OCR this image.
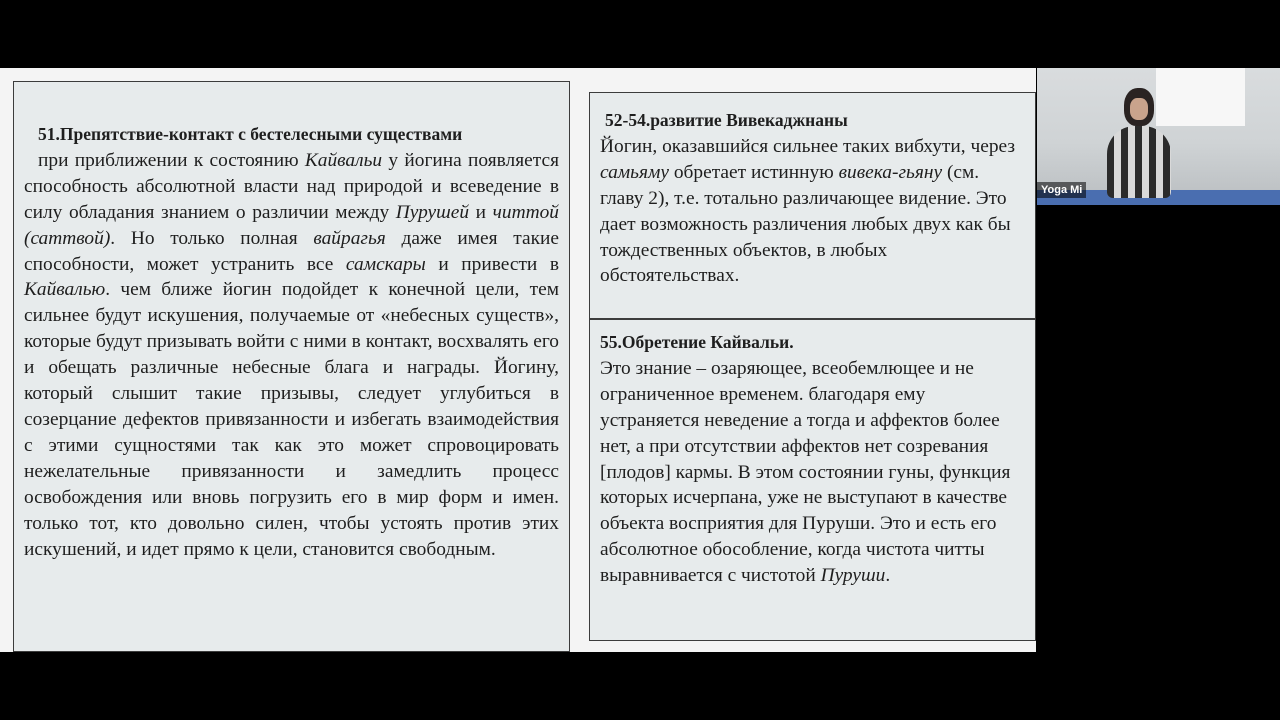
51.Препятствие-контакт с бестелесными существами

при приближении к состоянию Кайвальи у йогина появляется способность абсолютной власти над природой и всеведение в силу обладания знанием о различии между Пурушей и читтой (саттвой). Но только полная вайрагья даже имея такие способности, может устранить все самскары и привести в Кайвалью. чем ближе йогин подойдет к конечной цели, тем сильнее будут искушения, получаемые от «небесных существ», которые будут призывать войти с ними в контакт, восхвалять его и обещать различные небесные блага и награды. Йогину, который слышит такие призывы, следует углубиться в созерцание дефектов привязанности и избегать взаимодействия с этими сущностями так как это может спровоцировать нежелательные привязанности и замедлить процесс освобождения или вновь погрузить его в мир форм и имен. только тот, кто довольно силен, чтобы устоять против этих искушений, и идет прямо к цели, становится свободным.

52-54.развитие Вивекаджнаны

Йогин, оказавшийся сильнее таких вибхути, через самьяму обретает истинную вивека-гьяну (см. главу 2), т.е. тотально различающее видение. Это дает возможность различения любых двух как бы тождественных объектов, в любых обстоятельствах.

55.Обретение Кайвальи.

Это знание – озаряющее, всеобемлющее и не ограниченное временем. благодаря ему устраняется неведение а тогда и аффектов более нет, а при отсутствии аффектов нет созревания [плодов] кармы. В этом состоянии гуны, функция которых исчерпана, уже не выступают в качестве объекта восприятия для Пуруши. Это и есть его абсолютное обособление, когда чистота читты выравнивается с чистотой Пуруши.

Yoga Mi
